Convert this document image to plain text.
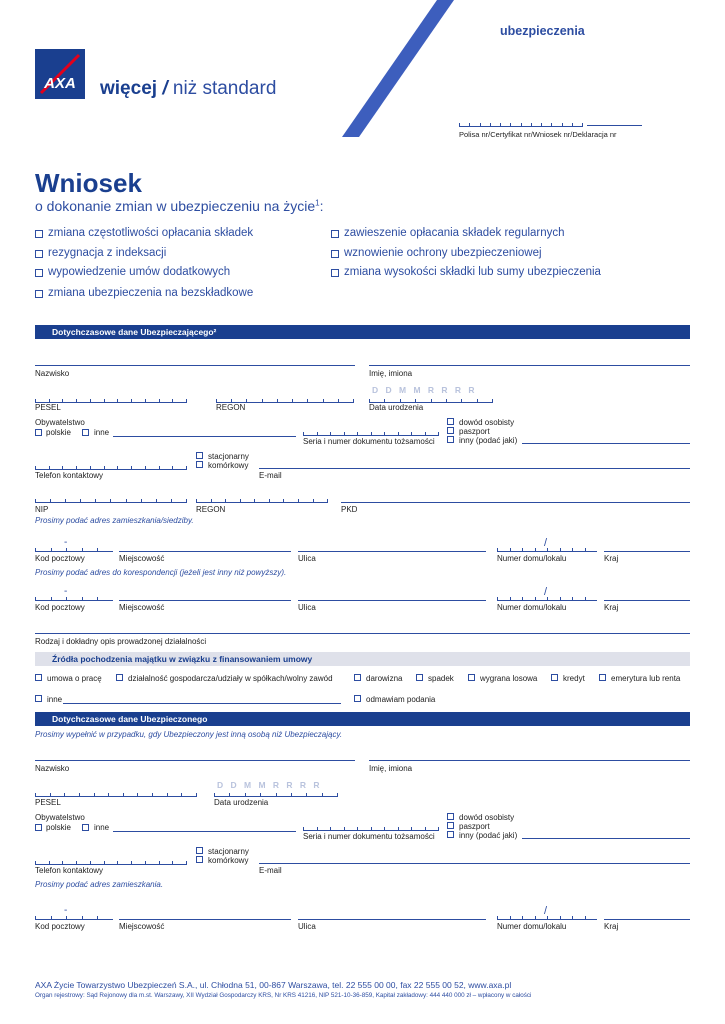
AXA więcej / niż standard
ubezpieczenia
Polisa nr/Certyfikat nr/Wniosek nr/Deklaracja nr
Wniosek
o dokonanie zmian w ubezpieczeniu na życie$^1$:
zmiana częstotliwości opłacania składek
rezygnacja z indeksacji
wypowiedzenie umów dodatkowych
zmiana ubezpieczenia na bezskładkowe
zawieszenie opłacania składek regularnych
wznowienie ochrony ubezpieczeniowej
zmiana wysokości składki lub sumy ubezpieczenia
Dotychczasowe dane Ubezpieczającego²
Nazwisko	Imię, imiona
D D M M R R R R
PESEL	REGON	Data urodzenia
Obywatelstwo
polskie	inne
Seria i numer dokumentu tożsamości
dowód osobisty
paszport
inny (podać jaki)
stacjonarny
komórkowy
Telefon kontaktowy	E-mail
NIP	REGON	PKD
Prosimy podać adres zamieszkania/siedziby.
-	/
Kod pocztowy	Miejscowość	Ulica	Numer domu/lokalu	Kraj
Prosimy podać adres do korespondencji (jeżeli jest inny niż powyższy).
-	/
Kod pocztowy	Miejscowość	Ulica	Numer domu/lokalu	Kraj
Rodzaj i dokładny opis prowadzonej działalności
Źródła pochodzenia majątku w związku z finansowaniem umowy
umowa o pracę	działalność gospodarcza/udziały w spółkach/wolny zawód	darowizna	spadek	wygrana losowa	kredyt	emerytura lub renta
inne	odmawiam podania
Dotychczasowe dane Ubezpieczonego
Prosimy wypełnić w przypadku, gdy Ubezpieczony jest inną osobą niż Ubezpieczający.
Nazwisko	Imię, imiona
D D M M R R R R
PESEL	Data urodzenia
Obywatelstwo
polskie	inne
Seria i numer dokumentu tożsamości
dowód osobisty
paszport
inny (podać jaki)
stacjonarny
komórkowy
Telefon kontaktowy	E-mail
Prosimy podać adres zamieszkania.
-	/
Kod pocztowy	Miejscowość	Ulica	Numer domu/lokalu	Kraj
AXA Życie Towarzystwo Ubezpieczeń S.A., ul. Chłodna 51, 00-867 Warszawa, tel. 22 555 00 00, fax 22 555 00 52, www.axa.pl
Organ rejestrowy: Sąd Rejonowy dla m.st. Warszawy, XII Wydział Gospodarczy KRS, Nr KRS 41216, NIP 521-10-36-859, Kapitał zakładowy: 444 440 000 zł – wpłacony w całości
